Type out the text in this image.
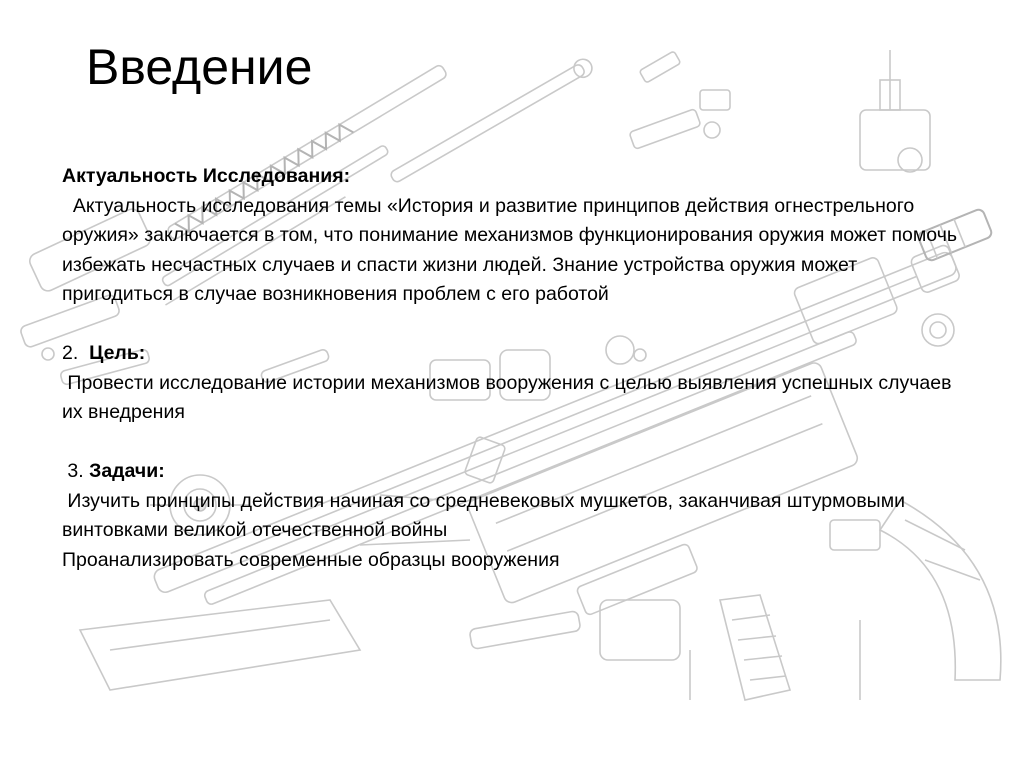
Введение

Актуальность Исследования:

Актуальность исследования темы «История и развитие принципов действия огнестрельного оружия» заключается в том, что понимание механизмов функционирования оружия может помочь избежать несчастных случаев и спасти жизни людей. Знание устройства оружия может пригодиться в случае возникновения проблем с его работой

2. Цель:

Провести исследование истории механизмов вооружения с целью выявления успешных случаев их внедрения

3. Задачи:

Изучить принципы действия начиная со средневековых мушкетов, заканчивая штурмовыми винтовками великой отечественной войны

Проанализировать современные образцы вооружения
